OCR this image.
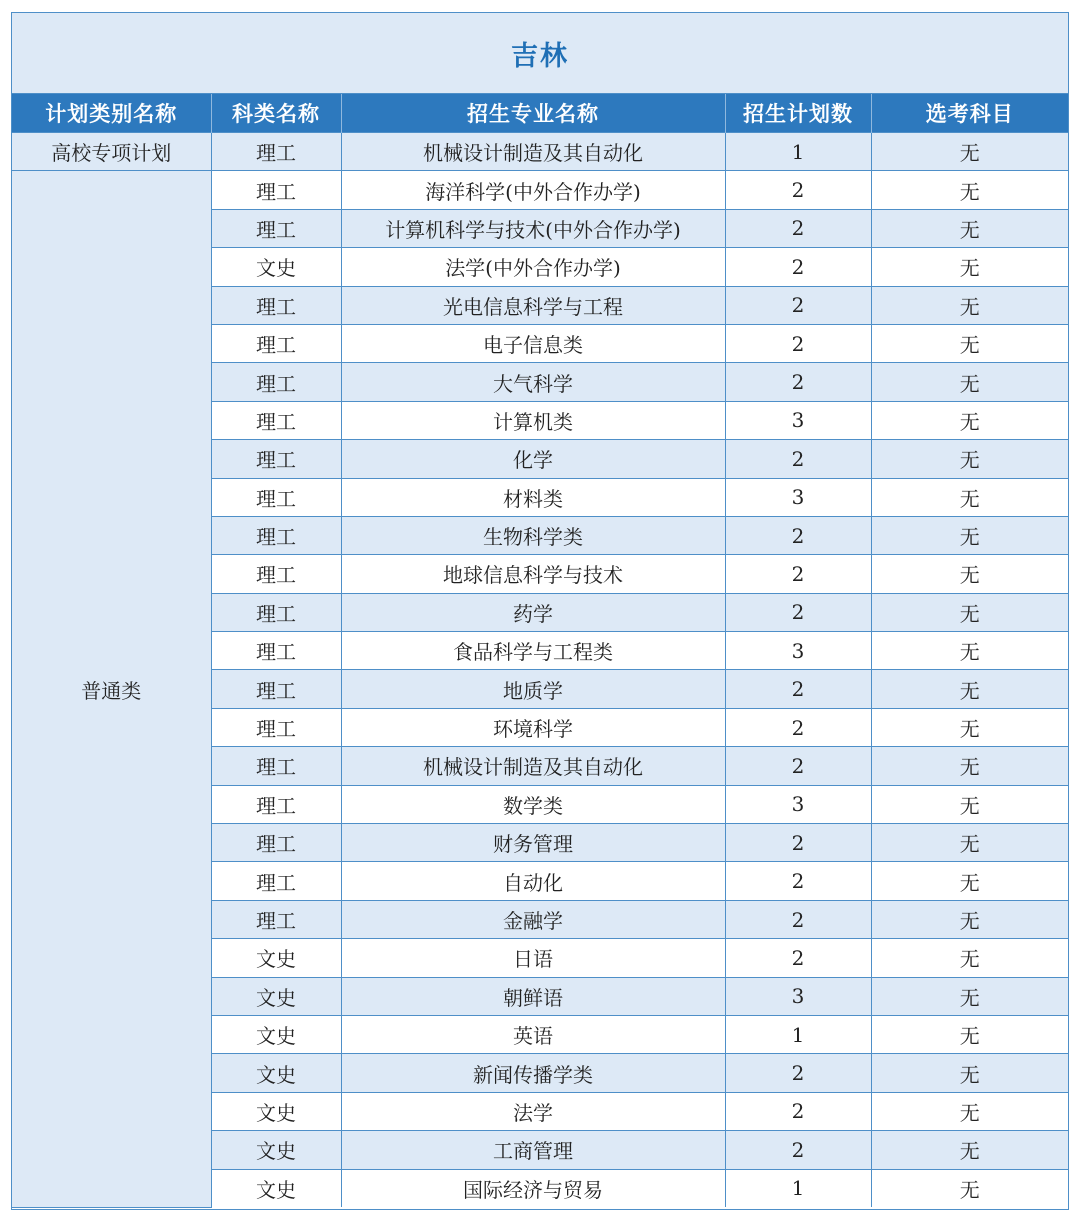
吉林
计划类别名称	科类名称	招生专业名称	招生计划数	选考科目
高校专项计划	理工	机械设计制造及其自动化	1	无
普通类	理工	海洋科学(中外合作办学)	2	无
	理工	计算机科学与技术(中外合作办学)	2	无
	文史	法学(中外合作办学)	2	无
	理工	光电信息科学与工程	2	无
	理工	电子信息类	2	无
	理工	大气科学	2	无
	理工	计算机类	3	无
	理工	化学	2	无
	理工	材料类	3	无
	理工	生物科学类	2	无
	理工	地球信息科学与技术	2	无
	理工	药学	2	无
	理工	食品科学与工程类	3	无
	理工	地质学	2	无
	理工	环境科学	2	无
	理工	机械设计制造及其自动化	2	无
	理工	数学类	3	无
	理工	财务管理	2	无
	理工	自动化	2	无
	理工	金融学	2	无
	文史	日语	2	无
	文史	朝鲜语	3	无
	文史	英语	1	无
	文史	新闻传播学类	2	无
	文史	法学	2	无
	文史	工商管理	2	无
	文史	国际经济与贸易	1	无
